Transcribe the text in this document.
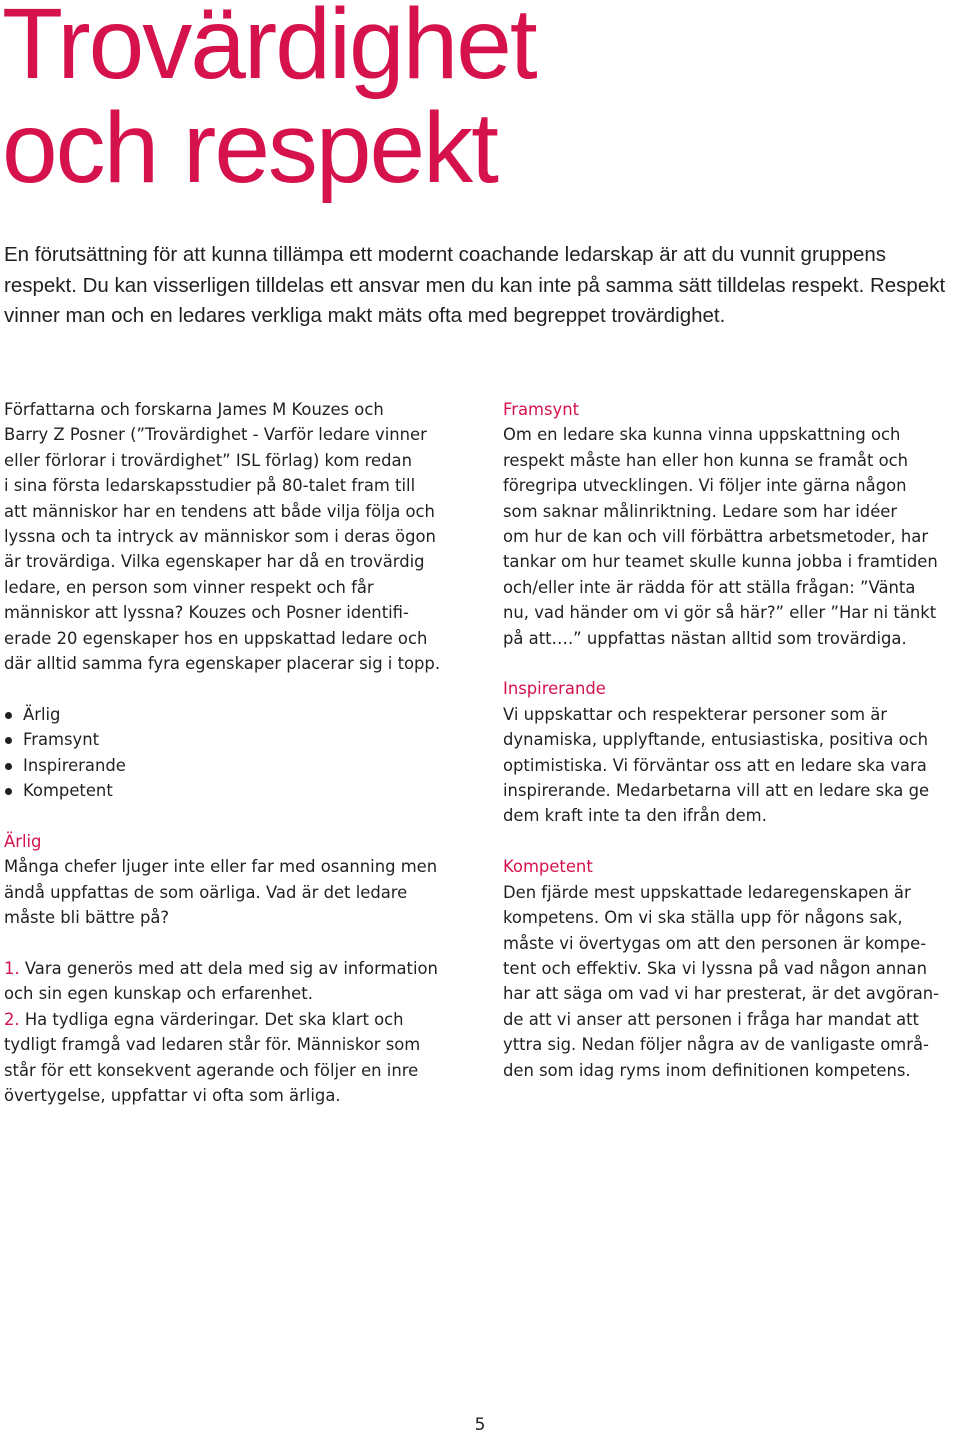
Trovärdighet
och respekt

En förutsättning för att kunna tillämpa ett modernt coachande ledarskap är att du vunnit gruppens respekt. Du kan visserligen tilldelas ett ansvar men du kan inte på samma sätt tilldelas respekt. Respekt vinner man och en ledares verkliga makt mäts ofta med begreppet trovärdighet.

Författarna och forskarna James M Kouzes och
Barry Z Posner (”Trovärdighet - Varför ledare vinner
eller förlorar i trovärdighet” ISL förlag) kom redan
i sina första ledarskapsstudier på 80-talet fram till
att människor har en tendens att både vilja följa och
lyssna och ta intryck av människor som i deras ögon
är trovärdiga. Vilka egenskaper har då en trovärdig
ledare, en person som vinner respekt och får
människor att lyssna? Kouzes och Posner identifi-
erade 20 egenskaper hos en uppskattad ledare och
där alltid samma fyra egenskaper placerar sig i topp.

Ärlig
Framsynt
Inspirerande
Kompetent

Ärlig

Många chefer ljuger inte eller far med osanning men
ändå uppfattas de som oärliga. Vad är det ledare
måste bli bättre på?

1. Vara generös med att dela med sig av information
och sin egen kunskap och erfarenhet.

2. Ha tydliga egna värderingar. Det ska klart och
tydligt framgå vad ledaren står för. Människor som
står för ett konsekvent agerande och följer en inre
övertygelse, uppfattar vi ofta som ärliga.

Framsynt

Om en ledare ska kunna vinna uppskattning och
respekt måste han eller hon kunna se framåt och
föregripa utvecklingen. Vi följer inte gärna någon
som saknar målinriktning. Ledare som har idéer
om hur de kan och vill förbättra arbetsmetoder, har
tankar om hur teamet skulle kunna jobba i framtiden
och/eller inte är rädda för att ställa frågan: ”Vänta
nu, vad händer om vi gör så här?” eller ”Har ni tänkt
på att….” uppfattas nästan alltid som trovärdiga.

Inspirerande

Vi uppskattar och respekterar personer som är
dynamiska, upplyftande, entusiastiska, positiva och
optimistiska. Vi förväntar oss att en ledare ska vara
inspirerande. Medarbetarna vill att en ledare ska ge
dem kraft inte ta den ifrån dem.

Kompetent

Den fjärde mest uppskattade ledaregenskapen är
kompetens. Om vi ska ställa upp för någons sak,
måste vi övertygas om att den personen är kompe-
tent och effektiv. Ska vi lyssna på vad någon annan
har att säga om vad vi har presterat, är det avgöran-
de att vi anser att personen i fråga har mandat att
yttra sig. Nedan följer några av de vanligaste områ-
den som idag ryms inom definitionen kompetens.

5
